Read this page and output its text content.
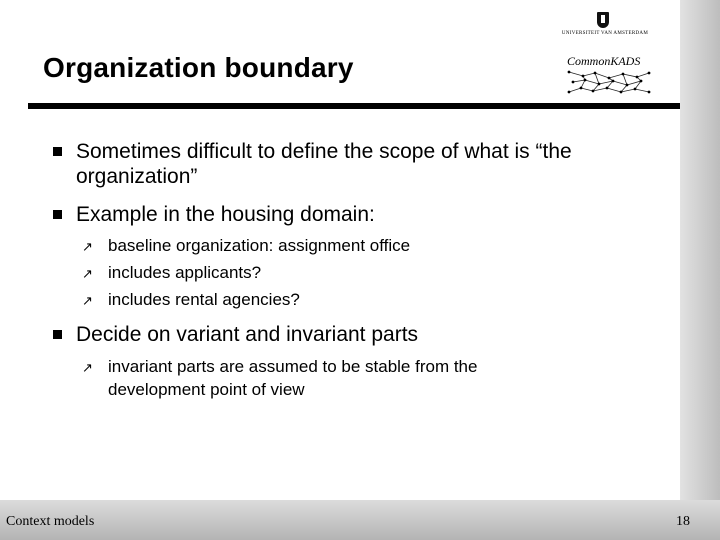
Organization boundary
UNIVERSITEIT VAN AMSTERDAM
CommonKADS

Sometimes difficult to define the scope of what is “the organization”

Example in the housing domain:

↗ baseline organization: assignment office

↗ includes applicants?

↗ includes rental agencies?

Decide on variant and invariant parts

↗ invariant parts are assumed to be stable from the development point of view

Context models	18
